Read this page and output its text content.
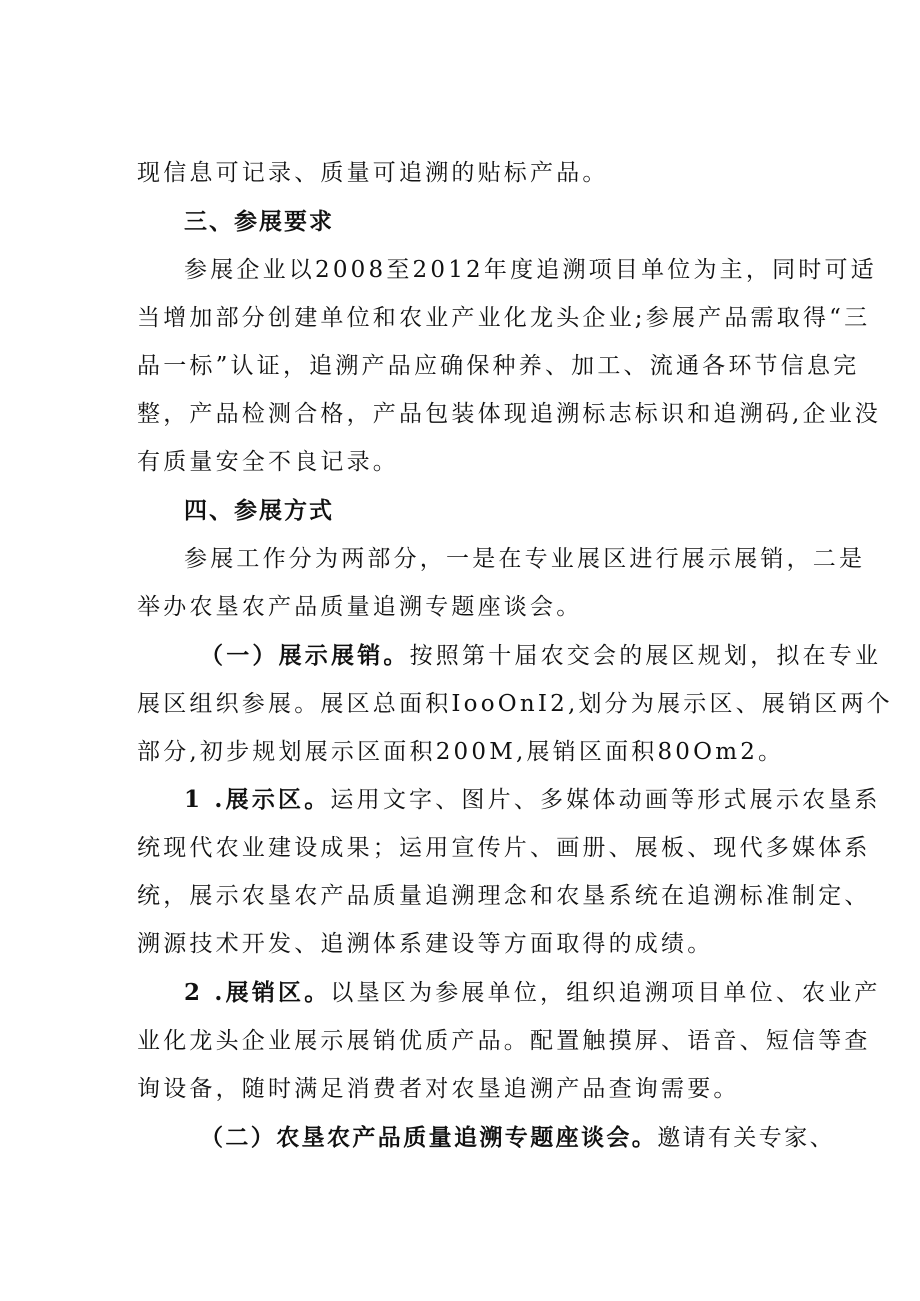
现信息可记录、质量可追溯的贴标产品。
三、参展要求
参展企业以2008至2012年度追溯项目单位为主，同时可适
当增加部分创建单位和农业产业化龙头企业;参展产品需取得“三
品一标”认证，追溯产品应确保种养、加工、流通各环节信息完
整，产品检测合格，产品包装体现追溯标志标识和追溯码,企业没
有质量安全不良记录。
四、参展方式
参展工作分为两部分，一是在专业展区进行展示展销，二是
举办农垦农产品质量追溯专题座谈会。
（一）展示展销。按照第十届农交会的展区规划，拟在专业
展区组织参展。展区总面积IooOnI2,划分为展示区、展销区两个
部分,初步规划展示区面积200M,展销区面积80Om2。
1 .展示区。运用文字、图片、多媒体动画等形式展示农垦系
统现代农业建设成果；运用宣传片、画册、展板、现代多媒体系
统，展示农垦农产品质量追溯理念和农垦系统在追溯标准制定、
溯源技术开发、追溯体系建设等方面取得的成绩。
2 .展销区。以垦区为参展单位，组织追溯项目单位、农业产
业化龙头企业展示展销优质产品。配置触摸屏、语音、短信等查
询设备，随时满足消费者对农垦追溯产品查询需要。
（二）农垦农产品质量追溯专题座谈会。邀请有关专家、
